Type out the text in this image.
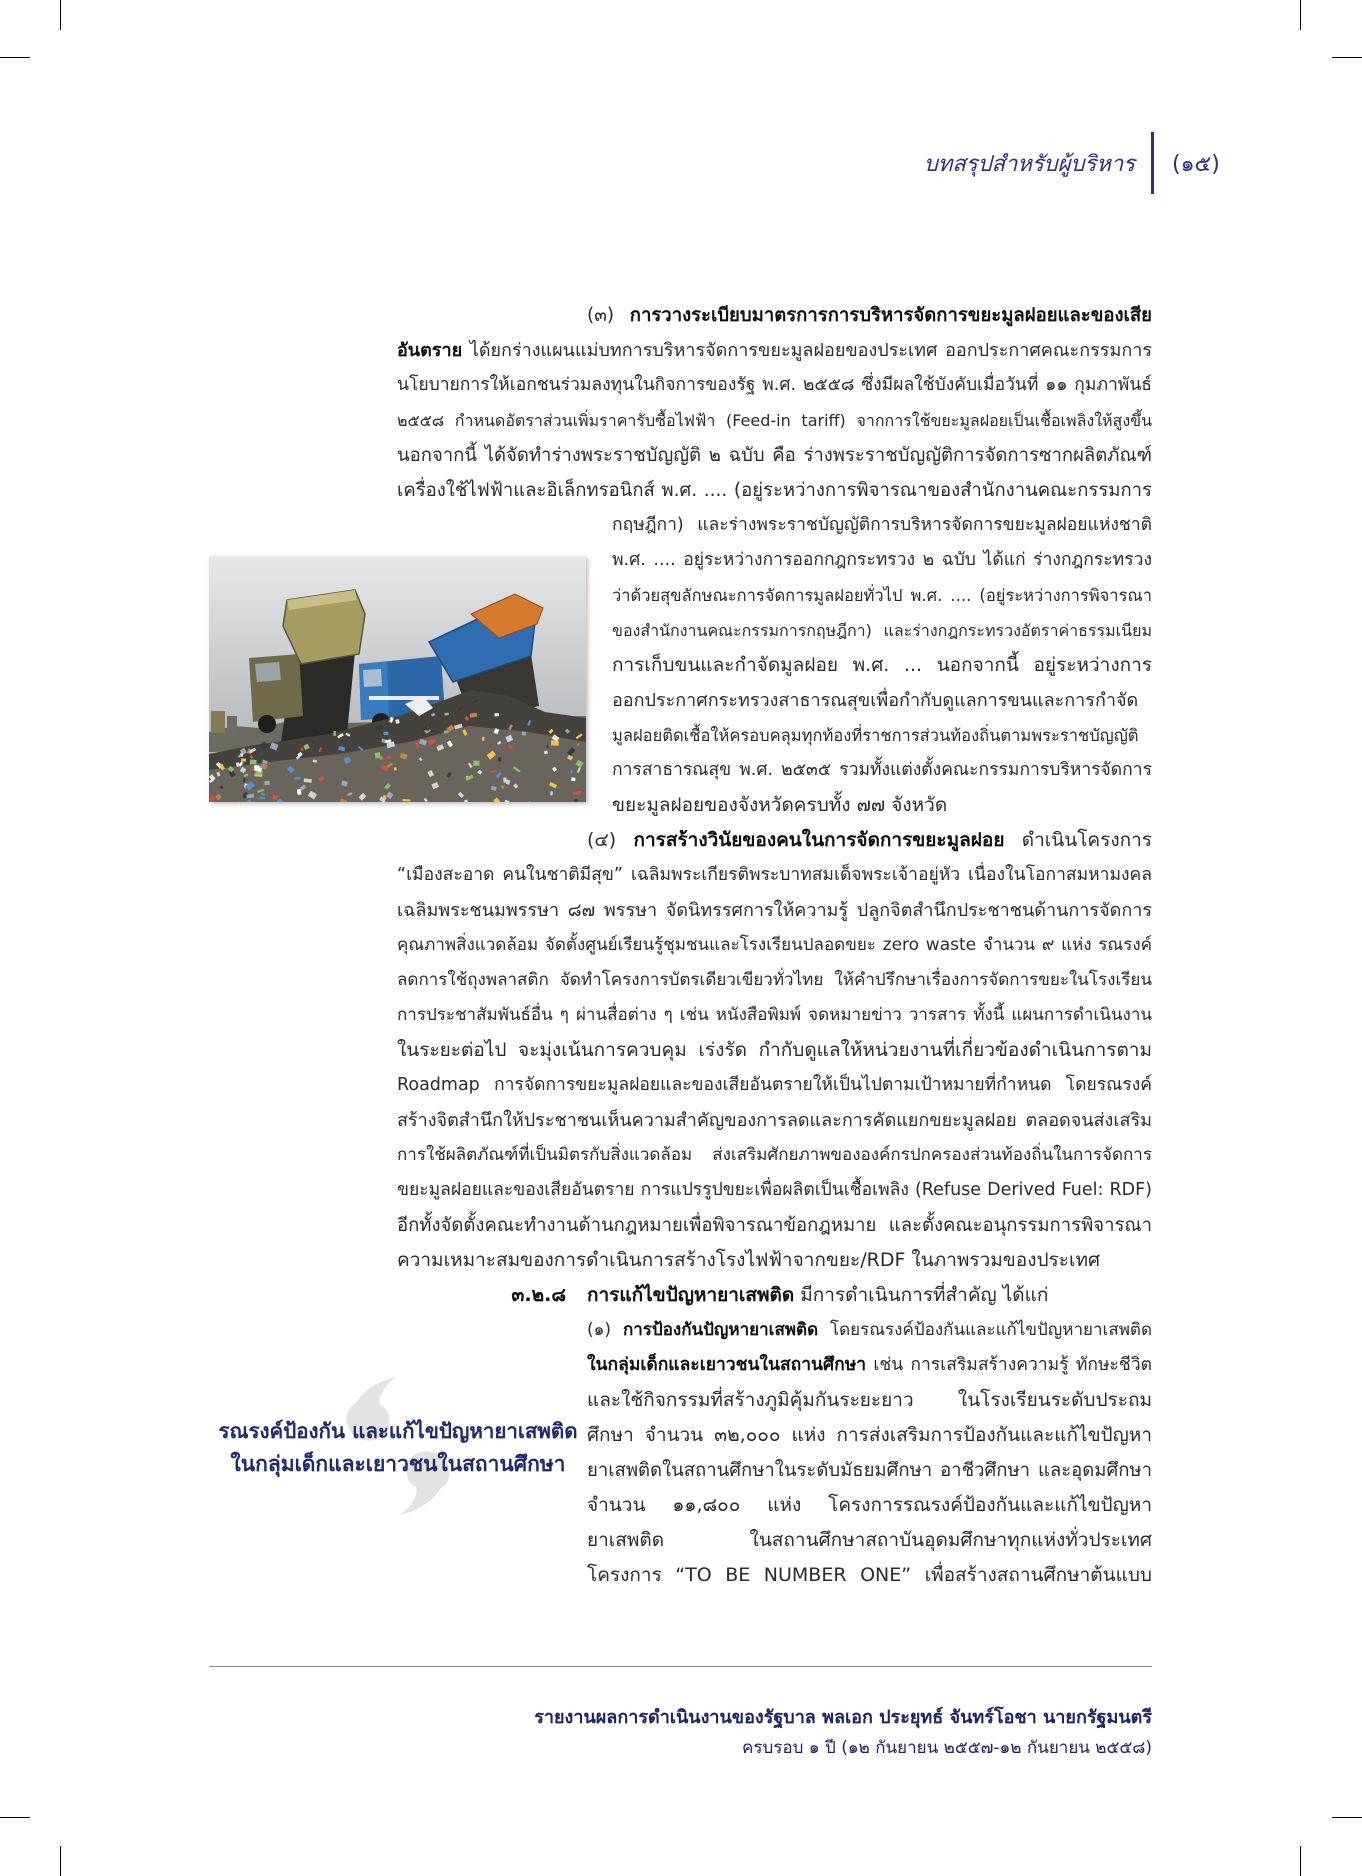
บทสรุปสำหรับผู้บริหาร (๑๕)
(๓) การวางระเบียบมาตรการการบริหารจัดการขยะมูลฝอยและของเสีย
อันตราย ได้ยกร่างแผนแม่บทการบริหารจัดการขยะมูลฝอยของประเทศ ออกประกาศคณะกรรมการ
นโยบายการให้เอกชนร่วมลงทุนในกิจการของรัฐ พ.ศ. ๒๕๕๘ ซึ่งมีผลใช้บังคับเมื่อวันที่ ๑๑ กุมภาพันธ์
๒๕๕๘ กำหนดอัตราส่วนเพิ่มราคารับซื้อไฟฟ้า (Feed-in tariff) จากการใช้ขยะมูลฝอยเป็นเชื้อเพลิงให้สูงขึ้น
นอกจากนี้ ได้จัดทำร่างพระราชบัญญัติ ๒ ฉบับ คือ ร่างพระราชบัญญัติการจัดการซากผลิตภัณฑ์
เครื่องใช้ไฟฟ้าและอิเล็กทรอนิกส์ พ.ศ. .... (อยู่ระหว่างการพิจารณาของสำนักงานคณะกรรมการ
กฤษฎีกา) และร่างพระราชบัญญัติการบริหารจัดการขยะมูลฝอยแห่งชาติ
พ.ศ. .... อยู่ระหว่างการออกกฎกระทรวง ๒ ฉบับ ได้แก่ ร่างกฎกระทรวง
ว่าด้วยสุขลักษณะการจัดการมูลฝอยทั่วไป พ.ศ. .... (อยู่ระหว่างการพิจารณา
ของสำนักงานคณะกรรมการกฤษฎีกา) และร่างกฎกระทรวงอัตราค่าธรรมเนียม
การเก็บขนและกำจัดมูลฝอย พ.ศ. ... นอกจากนี้ อยู่ระหว่างการ
ออกประกาศกระทรวงสาธารณสุขเพื่อกำกับดูแลการขนและการกำจัด
มูลฝอยติดเชื้อให้ครอบคลุมทุกท้องที่ราชการส่วนท้องถิ่นตามพระราชบัญญัติ
การสาธารณสุข พ.ศ. ๒๕๓๕ รวมทั้งแต่งตั้งคณะกรรมการบริหารจัดการ
ขยะมูลฝอยของจังหวัดครบทั้ง ๗๗ จังหวัด
(๔) การสร้างวินัยของคนในการจัดการขยะมูลฝอย ดำเนินโครงการ
“เมืองสะอาด คนในชาติมีสุข” เฉลิมพระเกียรติพระบาทสมเด็จพระเจ้าอยู่หัว เนื่องในโอกาสมหามงคล
เฉลิมพระชนมพรรษา ๘๗ พรรษา จัดนิทรรศการให้ความรู้ ปลูกจิตสำนึกประชาชนด้านการจัดการ
คุณภาพสิ่งแวดล้อม จัดตั้งศูนย์เรียนรู้ชุมชนและโรงเรียนปลอดขยะ zero waste จำนวน ๙ แห่ง รณรงค์
ลดการใช้ถุงพลาสติก จัดทำโครงการบัตรเดียวเขียวทั่วไทย ให้คำปรึกษาเรื่องการจัดการขยะในโรงเรียน
การประชาสัมพันธ์อื่น ๆ ผ่านสื่อต่าง ๆ เช่น หนังสือพิมพ์ จดหมายข่าว วารสาร ทั้งนี้ แผนการดำเนินงาน
ในระยะต่อไป จะมุ่งเน้นการควบคุม เร่งรัด กำกับดูแลให้หน่วยงานที่เกี่ยวข้องดำเนินการตาม
Roadmap การจัดการขยะมูลฝอยและของเสียอันตรายให้เป็นไปตามเป้าหมายที่กำหนด โดยรณรงค์
สร้างจิตสำนึกให้ประชาชนเห็นความสำคัญของการลดและการคัดแยกขยะมูลฝอย ตลอดจนส่งเสริม
การใช้ผลิตภัณฑ์ที่เป็นมิตรกับสิ่งแวดล้อม ส่งเสริมศักยภาพขององค์กรปกครองส่วนท้องถิ่นในการจัดการ
ขยะมูลฝอยและของเสียอันตราย การแปรรูปขยะเพื่อผลิตเป็นเชื้อเพลิง (Refuse Derived Fuel: RDF)
อีกทั้งจัดตั้งคณะทำงานด้านกฎหมายเพื่อพิจารณาข้อกฎหมาย และตั้งคณะอนุกรรมการพิจารณา
ความเหมาะสมของการดำเนินการสร้างโรงไฟฟ้าจากขยะ/RDF ในภาพรวมของประเทศ
๓.๒.๘ การแก้ไขปัญหายาเสพติด มีการดำเนินการที่สำคัญ ได้แก่
(๑) การป้องกันปัญหายาเสพติด โดยรณรงค์ป้องกันและแก้ไขปัญหายาเสพติด
ในกลุ่มเด็กและเยาวชนในสถานศึกษา เช่น การเสริมสร้างความรู้ ทักษะชีวิต
และใช้กิจกรรมที่สร้างภูมิคุ้มกันระยะยาว ในโรงเรียนระดับประถม
ศึกษา จำนวน ๓๒,๐๐๐ แห่ง การส่งเสริมการป้องกันและแก้ไขปัญหา
ยาเสพติดในสถานศึกษาในระดับมัธยมศึกษา อาชีวศึกษา และอุดมศึกษา
จำนวน ๑๑,๘๐๐ แห่ง โครงการรณรงค์ป้องกันและแก้ไขปัญหา
ยาเสพติด ในสถานศึกษาสถาบันอุดมศึกษาทุกแห่งทั่วประเทศ
โครงการ “TO BE NUMBER ONE” เพื่อสร้างสถานศึกษาต้นแบบ
รณรงค์ป้องกัน และแก้ไขปัญหายาเสพติด
ในกลุ่มเด็กและเยาวชนในสถานศึกษา
รายงานผลการดำเนินงานของรัฐบาล พลเอก ประยุทธ์ จันทร์โอชา นายกรัฐมนตรี
ครบรอบ ๑ ปี (๑๒ กันยายน ๒๕๕๗-๑๒ กันยายน ๒๕๕๘)
